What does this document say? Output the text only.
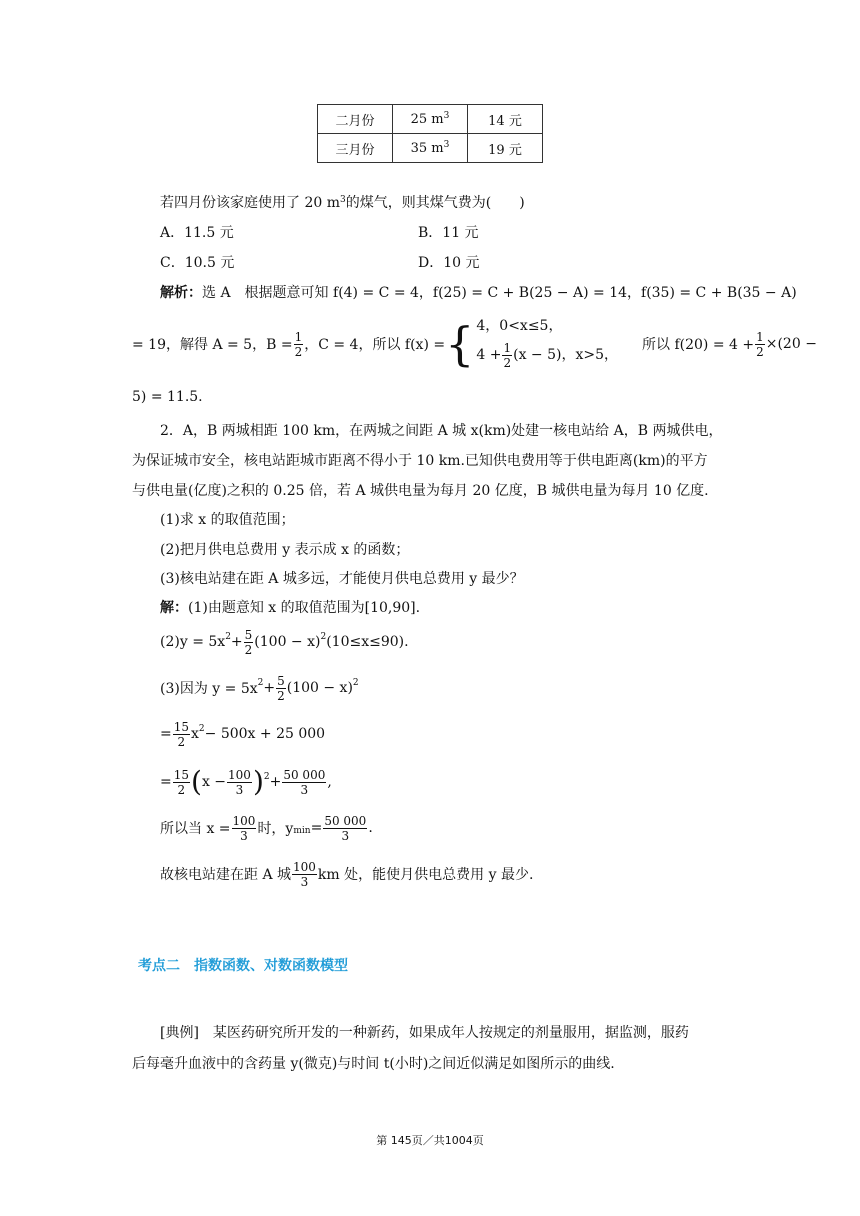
二月份	25 $m^3$	14 元
三月份	35 $m^3$	19 元
若四月份该家庭使用了 20 $m^3$的煤气，则其煤气费为(　　)
A．11.5 元	B．11 元
C．10.5 元	D．10 元
解析：选 A　根据题意可知 f(4) = C = 4，f(25) = C + B(25 − A) = 14，f(35) = C + B(35 − A)
= 19，解得 A = 5，$B = \frac{1}{2}$ ，C = 4，所以 f(x) = { 4，0<x≤5，
$4 + \frac{1}{2} (x - 5)$，x>5，
所以 $f(20) = 4 + \frac{1}{2} \times(20$ −
5) = 11.5.
2．A，B 两城相距 100 km，在两城之间距 A 城 x(km)处建一核电站给 A，B 两城供电，
为保证城市安全，核电站距城市距离不得小于 10 km.已知供电费用等于供电距离(km)的平方
与供电量(亿度)之积的 0.25 倍，若 A 城供电量为每月 20 亿度，B 城供电量为每月 10 亿度.
(1)求 x 的取值范围；
(2)把月供电总费用 y 表示成 x 的函数；
(3)核电站建在距 A 城多远，才能使月供电总费用 y 最少？
解：(1)由题意知 x 的取值范围为[10,90].
$(2)y = 5x^2 + \frac{5}{2} (100 - x)^2$ (10≤x≤90).
(3)因为 $y = 5x^2 + \frac{5}{2} (100 - x)^2$
= $\frac{15}{2} x^2 - 500x + 25$ 000
= $\frac{15}{2}$ ( $x - \frac{100}{3} )^2 + \frac{50 000}{3}$ ,
所以当 $x = \frac{100}{3}$ 时，$y_{min} = \frac{50 000}{3}$ .
故核电站建在距 A 城 $\frac{100}{3}$ km 处，能使月供电总费用 y 最少.
考点二　指数函数、对数函数模型
[典例]　某医药研究所开发的一种新药，如果成年人按规定的剂量服用，据监测，服药
后每毫升血液中的含药量 y(微克)与时间 t(小时)之间近似满足如图所示的曲线.
第 145页／共1004页
